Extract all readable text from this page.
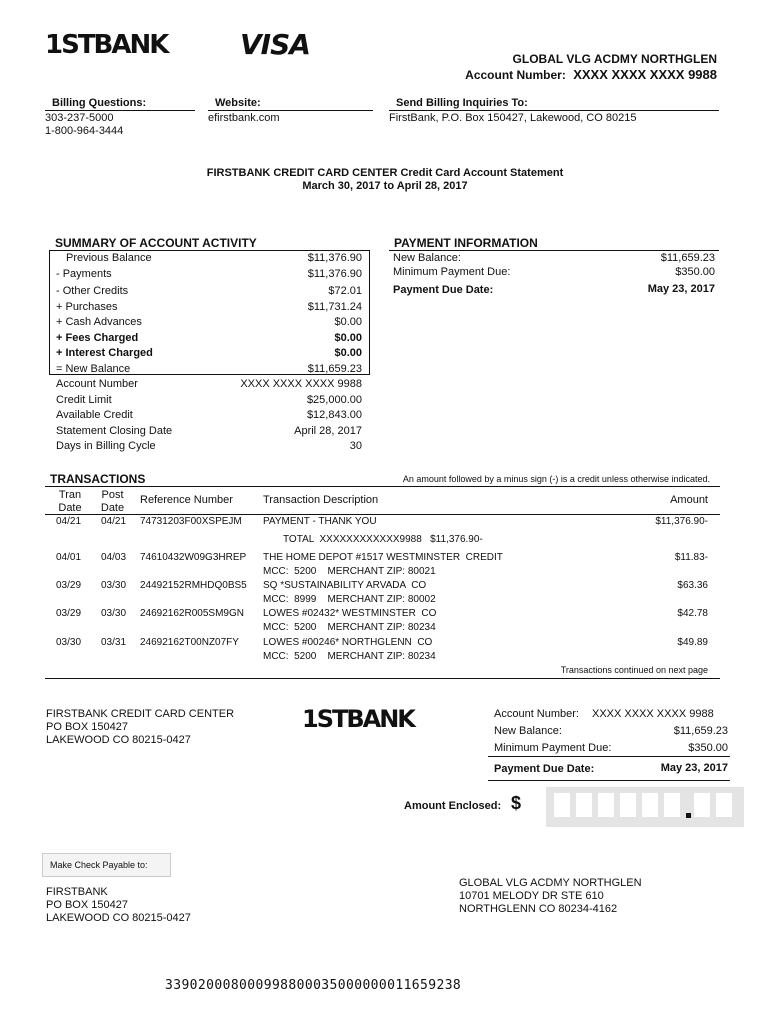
1STBANK	VISA	GLOBAL VLG ACDMY NORTHGLEN
Account Number: XXXX XXXX XXXX 9988
Billing Questions:
303-237-5000
1-800-964-3444
Website:
efirstbank.com
Send Billing Inquiries To:
FirstBank, P.O. Box 150427, Lakewood, CO 80215
FIRSTBANK CREDIT CARD CENTER Credit Card Account Statement
March 30, 2017 to April 28, 2017
SUMMARY OF ACCOUNT ACTIVITY
Previous Balance	$11,376.90
- Payments	$11,376.90
- Other Credits	$72.01
+ Purchases	$11,731.24
+ Cash Advances	$0.00
+ Fees Charged	$0.00
+ Interest Charged	$0.00
= New Balance	$11,659.23
Account Number	XXXX XXXX XXXX 9988
Credit Limit	$25,000.00
Available Credit	$12,843.00
Statement Closing Date	April 28, 2017
Days in Billing Cycle	30
PAYMENT INFORMATION
New Balance:	$11,659.23
Minimum Payment Due:	$350.00
Payment Due Date:	May 23, 2017
TRANSACTIONS	An amount followed by a minus sign (-) is a credit unless otherwise indicated.
Tran Date
Post Date
Reference Number	Transaction Description	Amount
04/21 04/21 74731203F00XSPEJM PAYMENT - THANK YOU	$11,376.90-
TOTAL  XXXXXXXXXXXX9988   $11,376.90-
04/01 04/03 74610432W09G3HREP THE HOME DEPOT #1517 WESTMINSTER  CREDIT	$11.83-
MCC:  5200    MERCHANT ZIP: 80021
03/29 03/30 24492152RMHDQ0BS5 SQ *SUSTAINABILITY ARVADA  CO	$63.36
MCC:  8999    MERCHANT ZIP: 80002
03/29 03/30 24692162R005SM9GN LOWES #02432* WESTMINSTER  CO	$42.78
MCC:  5200    MERCHANT ZIP: 80234
03/30 03/31 24692162T00NZ07FY LOWES #00246* NORTHGLENN  CO	$49.89
MCC:  5200    MERCHANT ZIP: 80234
Transactions continued on next page
FIRSTBANK CREDIT CARD CENTER
PO BOX 150427
LAKEWOOD CO 80215-0427
1STBANK	Account Number: XXXX XXXX XXXX 9988
New Balance:	$11,659.23
Minimum Payment Due:	$350.00
Payment Due Date:	May 23, 2017
Amount Enclosed: $
Make Check Payable to:
FIRSTBANK
PO BOX 150427
LAKEWOOD CO 80215-0427
GLOBAL VLG ACDMY NORTHGLEN
10701 MELODY DR STE 610
NORTHGLENN CO 80234-4162
339020008000998800035000000011659238
